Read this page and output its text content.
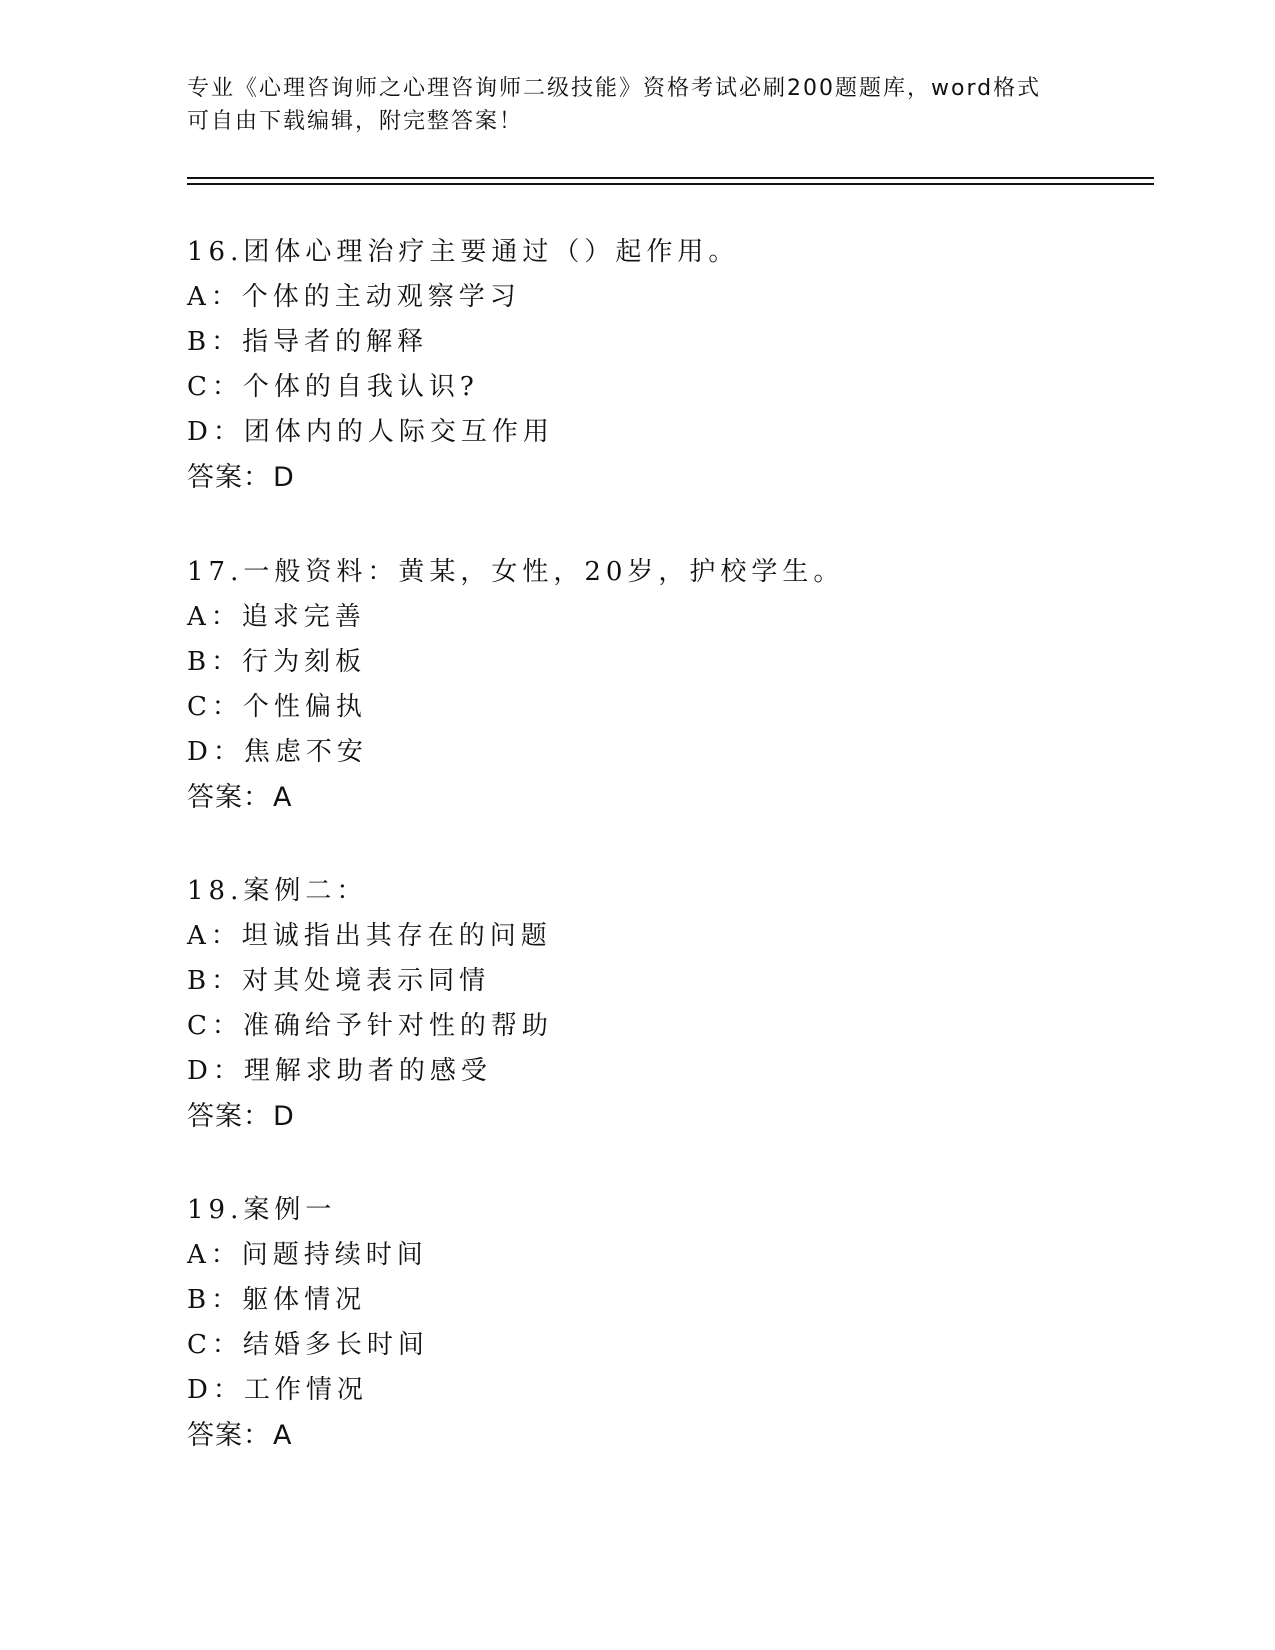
专业《心理咨询师之心理咨询师二级技能》资格考试必刷200题题库，word格式
可自由下载编辑，附完整答案！
16.团体心理治疗主要通过（）起作用。
A：个体的主动观察学习
B：指导者的解释
C：个体的自我认识?
D：团体内的人际交互作用
答案：D
17.一般资料：黄某，女性，20岁，护校学生。
A：追求完善
B：行为刻板
C：个性偏执
D：焦虑不安
答案：A
18.案例二：
A：坦诚指出其存在的问题
B：对其处境表示同情
C：准确给予针对性的帮助
D：理解求助者的感受
答案：D
19.案例一
A：问题持续时间
B：躯体情况
C：结婚多长时间
D：工作情况
答案：A
